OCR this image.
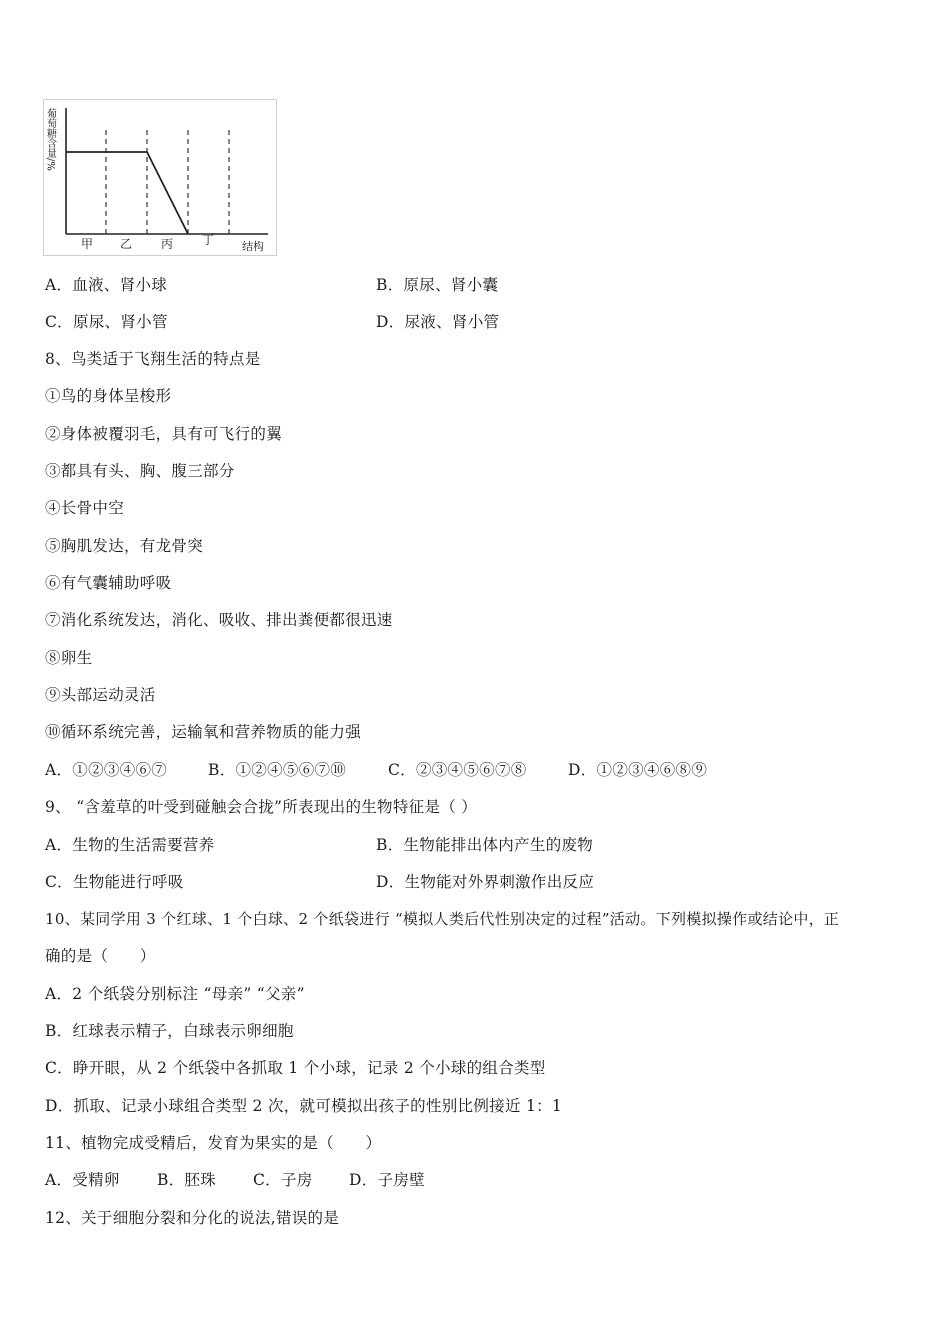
葡萄糖含量/%
甲 乙 丙 丁	结构
A．血液、肾小球	B．原尿、肾小囊
C．原尿、肾小管	D．尿液、肾小管
8、鸟类适于飞翔生活的特点是
①鸟的身体呈梭形
②身体被覆羽毛，具有可飞行的翼
③都具有头、胸、腹三部分
④长骨中空
⑤胸肌发达，有龙骨突
⑥有气囊辅助呼吸
⑦消化系统发达，消化、吸收、排出粪便都很迅速
⑧卵生
⑨头部运动灵活
⑩循环系统完善，运输氧和营养物质的能力强
A．①②③④⑥⑦	B．①②④⑤⑥⑦⑩	C．②③④⑤⑥⑦⑧	D．①②③④⑥⑧⑨
9、 “含羞草的叶受到碰触会合拢”所表现出的生物特征是（ ）
A．生物的生活需要营养	B．生物能排出体内产生的废物
C．生物能进行呼吸	D．生物能对外界刺激作出反应
10、某同学用 3 个红球、1 个白球、2 个纸袋进行 “模拟人类后代性别决定的过程”活动。下列模拟操作或结论中，正
确的是（　　）
A．2 个纸袋分别标注 “母亲” “父亲”
B．红球表示精子，白球表示卵细胞
C．睁开眼，从 2 个纸袋中各抓取 1 个小球，记录 2 个小球的组合类型
D．抓取、记录小球组合类型 2 次，就可模拟出孩子的性别比例接近 1：1
11、植物完成受精后，发育为果实的是（　　）
A．受精卵 B．胚珠 C．子房 D．子房壁
12、关于细胞分裂和分化的说法,错误的是
